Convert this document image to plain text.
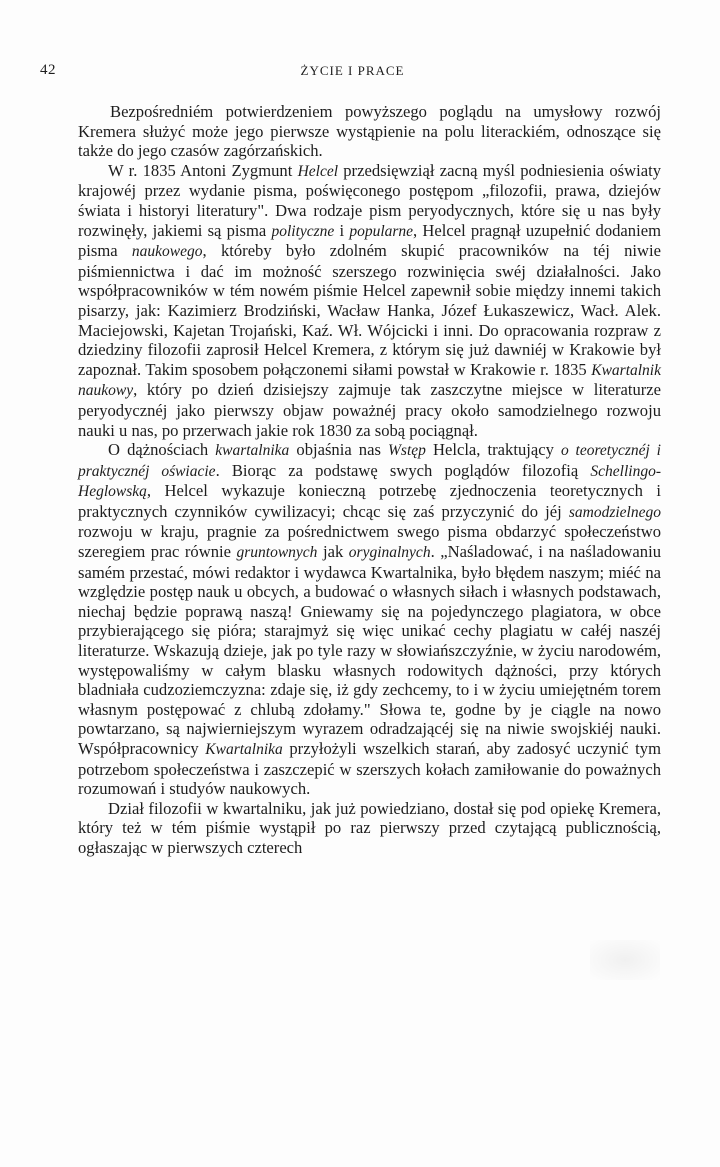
42	ŻYCIE I PRACE

Bezpośredniém potwierdzeniem powyższego poglądu na umysłowy rozwój Kremera służyć może jego pierwsze wystąpienie na polu literackiém, odnoszące się także do jego czasów zagórzańskich.

W r. 1835 Antoni Zygmunt Helcel przedsięwziął zacną myśl podniesienia oświaty krajowéj przez wydanie pisma, poświęconego postępom „filozofii, prawa, dziejów świata i historyi literatury". Dwa rodzaje pism peryodycznych, które się u nas były rozwinęły, jakiemi są pisma polityczne i popularne, Helcel pragnął uzupełnić dodaniem pisma naukowego, któreby było zdolném skupić pracowników na téj niwie piśmiennictwa i dać im możność szerszego rozwinięcia swéj działalności. Jako współpracowników w tém nowém piśmie Helcel zapewnił sobie między innemi takich pisarzy, jak: Kazimierz Brodziński, Wacław Hanka, Józef Łukaszewicz, Wacł. Alek. Maciejowski, Kajetan Trojański, Kaź. Wł. Wójcicki i inni. Do opracowania rozpraw z dziedziny filozofii zaprosił Helcel Kremera, z którym się już dawniéj w Krakowie był zapoznał. Takim sposobem połączonemi siłami powstał w Krakowie r. 1835 Kwartalnik naukowy, który po dzień dzisiejszy zajmuje tak zaszczytne miejsce w literaturze peryodycznéj jako pierwszy objaw poważnéj pracy około samodzielnego rozwoju nauki u nas, po przerwach jakie rok 1830 za sobą pociągnął.

O dążnościach kwartalnika objaśnia nas Wstęp Helcla, traktujący o teoretycznéj i praktycznéj oświacie. Biorąc za podstawę swych poglądów filozofią Schellingo-Heglowską, Helcel wykazuje konieczną potrzebę zjednoczenia teoretycznych i praktycznych czynników cywilizacyi; chcąc się zaś przyczynić do jéj samodzielnego rozwoju w kraju, pragnie za pośrednictwem swego pisma obdarzyć społeczeństwo szeregiem prac równie gruntownych jak oryginalnych. „Naśladować, i na naśladowaniu samém przestać, mówi redaktor i wydawca Kwartalnika, było błędem naszym; miéć na względzie postęp nauk u obcych, a budować o własnych siłach i własnych podstawach, niechaj będzie poprawą naszą! Gniewamy się na pojedynczego plagiatora, w obce przybierającego się pióra; starajmyż się więc unikać cechy plagiatu w całéj naszéj literaturze. Wskazują dzieje, jak po tyle razy w słowiańszczyźnie, w życiu narodowém, występowaliśmy w całym blasku własnych rodowitych dążności, przy których bladniała cudzoziemczyzna: zdaje się, iż gdy zechcemy, to i w życiu umiejętném torem własnym postępować z chlubą zdołamy." Słowa te, godne by je ciągle na nowo powtarzano, są najwierniejszym wyrazem odradzającéj się na niwie swojskiéj nauki. Współpracownicy Kwartalnika przyłożyli wszelkich starań, aby zadosyć uczynić tym potrzebom społeczeństwa i zaszczepić w szerszych kołach zamiłowanie do poważnych rozumowań i studyów naukowych.

Dział filozofii w kwartalniku, jak już powiedziano, dostał się pod opiekę Kremera, który też w tém piśmie wystąpił po raz pierwszy przed czytającą publicznością, ogłaszając w pierwszych czterech
